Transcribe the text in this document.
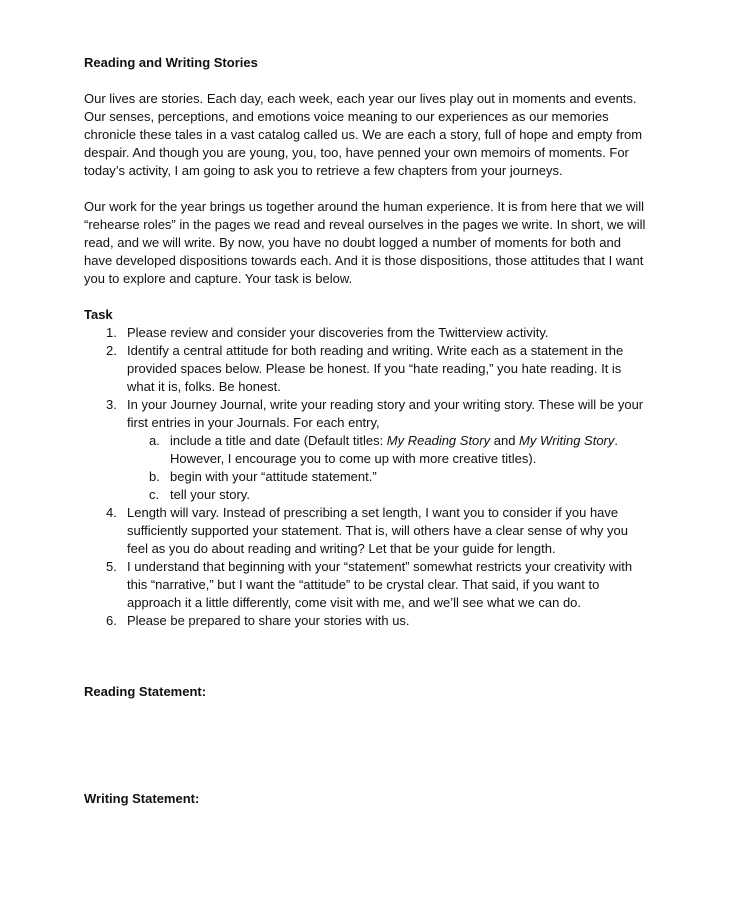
Reading and Writing Stories

Our lives are stories. Each day, each week, each year our lives play out in moments and events. Our senses, perceptions, and emotions voice meaning to our experiences as our memories chronicle these tales in a vast catalog called us. We are each a story, full of hope and empty from despair. And though you are young, you, too, have penned your own memoirs of moments. For today’s activity, I am going to ask you to retrieve a few chapters from your journeys.

Our work for the year brings us together around the human experience. It is from here that we will “rehearse roles” in the pages we read and reveal ourselves in the pages we write. In short, we will read, and we will write. By now, you have no doubt logged a number of moments for both and have developed dispositions towards each. And it is those dispositions, those attitudes that I want you to explore and capture. Your task is below.

Task
1. Please review and consider your discoveries from the Twitterview activity.
2. Identify a central attitude for both reading and writing. Write each as a statement in the provided spaces below. Please be honest. If you “hate reading,” you hate reading. It is what it is, folks. Be honest.
3. In your Journey Journal, write your reading story and your writing story. These will be your first entries in your Journals. For each entry,
a. include a title and date (Default titles: My Reading Story and My Writing Story. However, I encourage you to come up with more creative titles).
b. begin with your “attitude statement.”
c. tell your story.
4. Length will vary. Instead of prescribing a set length, I want you to consider if you have sufficiently supported your statement. That is, will others have a clear sense of why you feel as you do about reading and writing? Let that be your guide for length.
5. I understand that beginning with your “statement” somewhat restricts your creativity with this “narrative,” but I want the “attitude” to be crystal clear. That said, if you want to approach it a little differently, come visit with me, and we’ll see what we can do.
6. Please be prepared to share your stories with us.
Reading Statement:
Writing Statement:
